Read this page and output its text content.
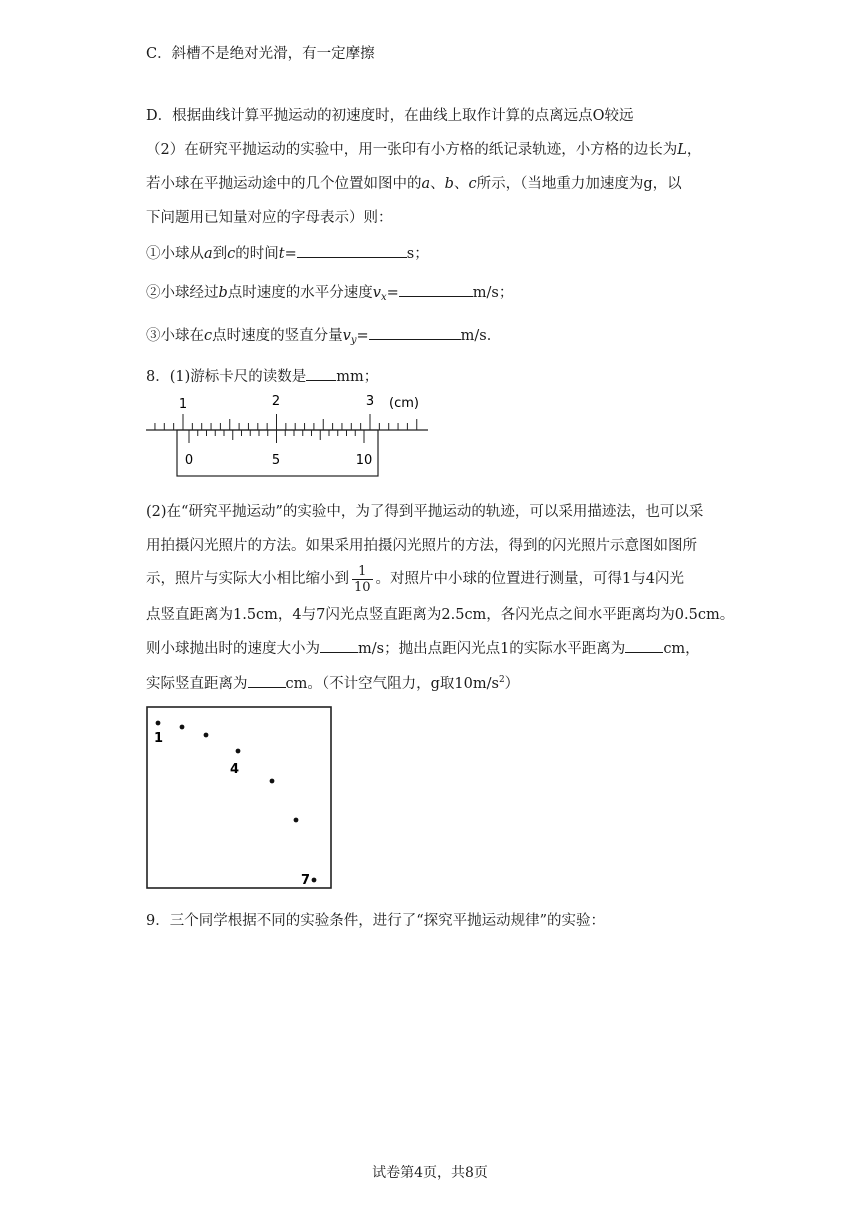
C．斜槽不是绝对光滑，有一定摩擦
D．根据曲线计算平抛运动的初速度时，在曲线上取作计算的点离远点O较远
（2）在研究平抛运动的实验中，用一张印有小方格的纸记录轨迹，小方格的边长为L，
若小球在平抛运动途中的几个位置如图中的a、b、c所示，（当地重力加速度为g，以
下问题用已知量对应的字母表示）则：
①小球从a到c的时间t=	s；
②小球经过b点时速度的水平分速度$v_x=$	m/s；
③小球在c点时速度的竖直分量$v_y=$	m/s．
8．(1)游标卡尺的读数是 mm；
1	2	3 (cm)
0	5	10
(2)在“研究平抛运动”的实验中，为了得到平抛运动的轨迹，可以采用描迹法，也可以采
用拍摄闪光照片的方法。如果采用拍摄闪光照片的方法，得到的闪光照片示意图如图所
示，照片与实际大小相比缩小到 $\frac{1}{10}$ 。对照片中小球的位置进行测量，可得1与4闪光
点竖直距离为1.5cm，4与7闪光点竖直距离为2.5cm，各闪光点之间水平距离均为0.5cm。
则小球抛出时的速度大小为	m/s；抛出点距闪光点1的实际水平距离为	cm，
实际竖直距离为	cm。（不计空气阻力，g取$10m/s^2$）
1
4
7
9．三个同学根据不同的实验条件，进行了“探究平抛运动规律”的实验：
试卷第4页，共8页
